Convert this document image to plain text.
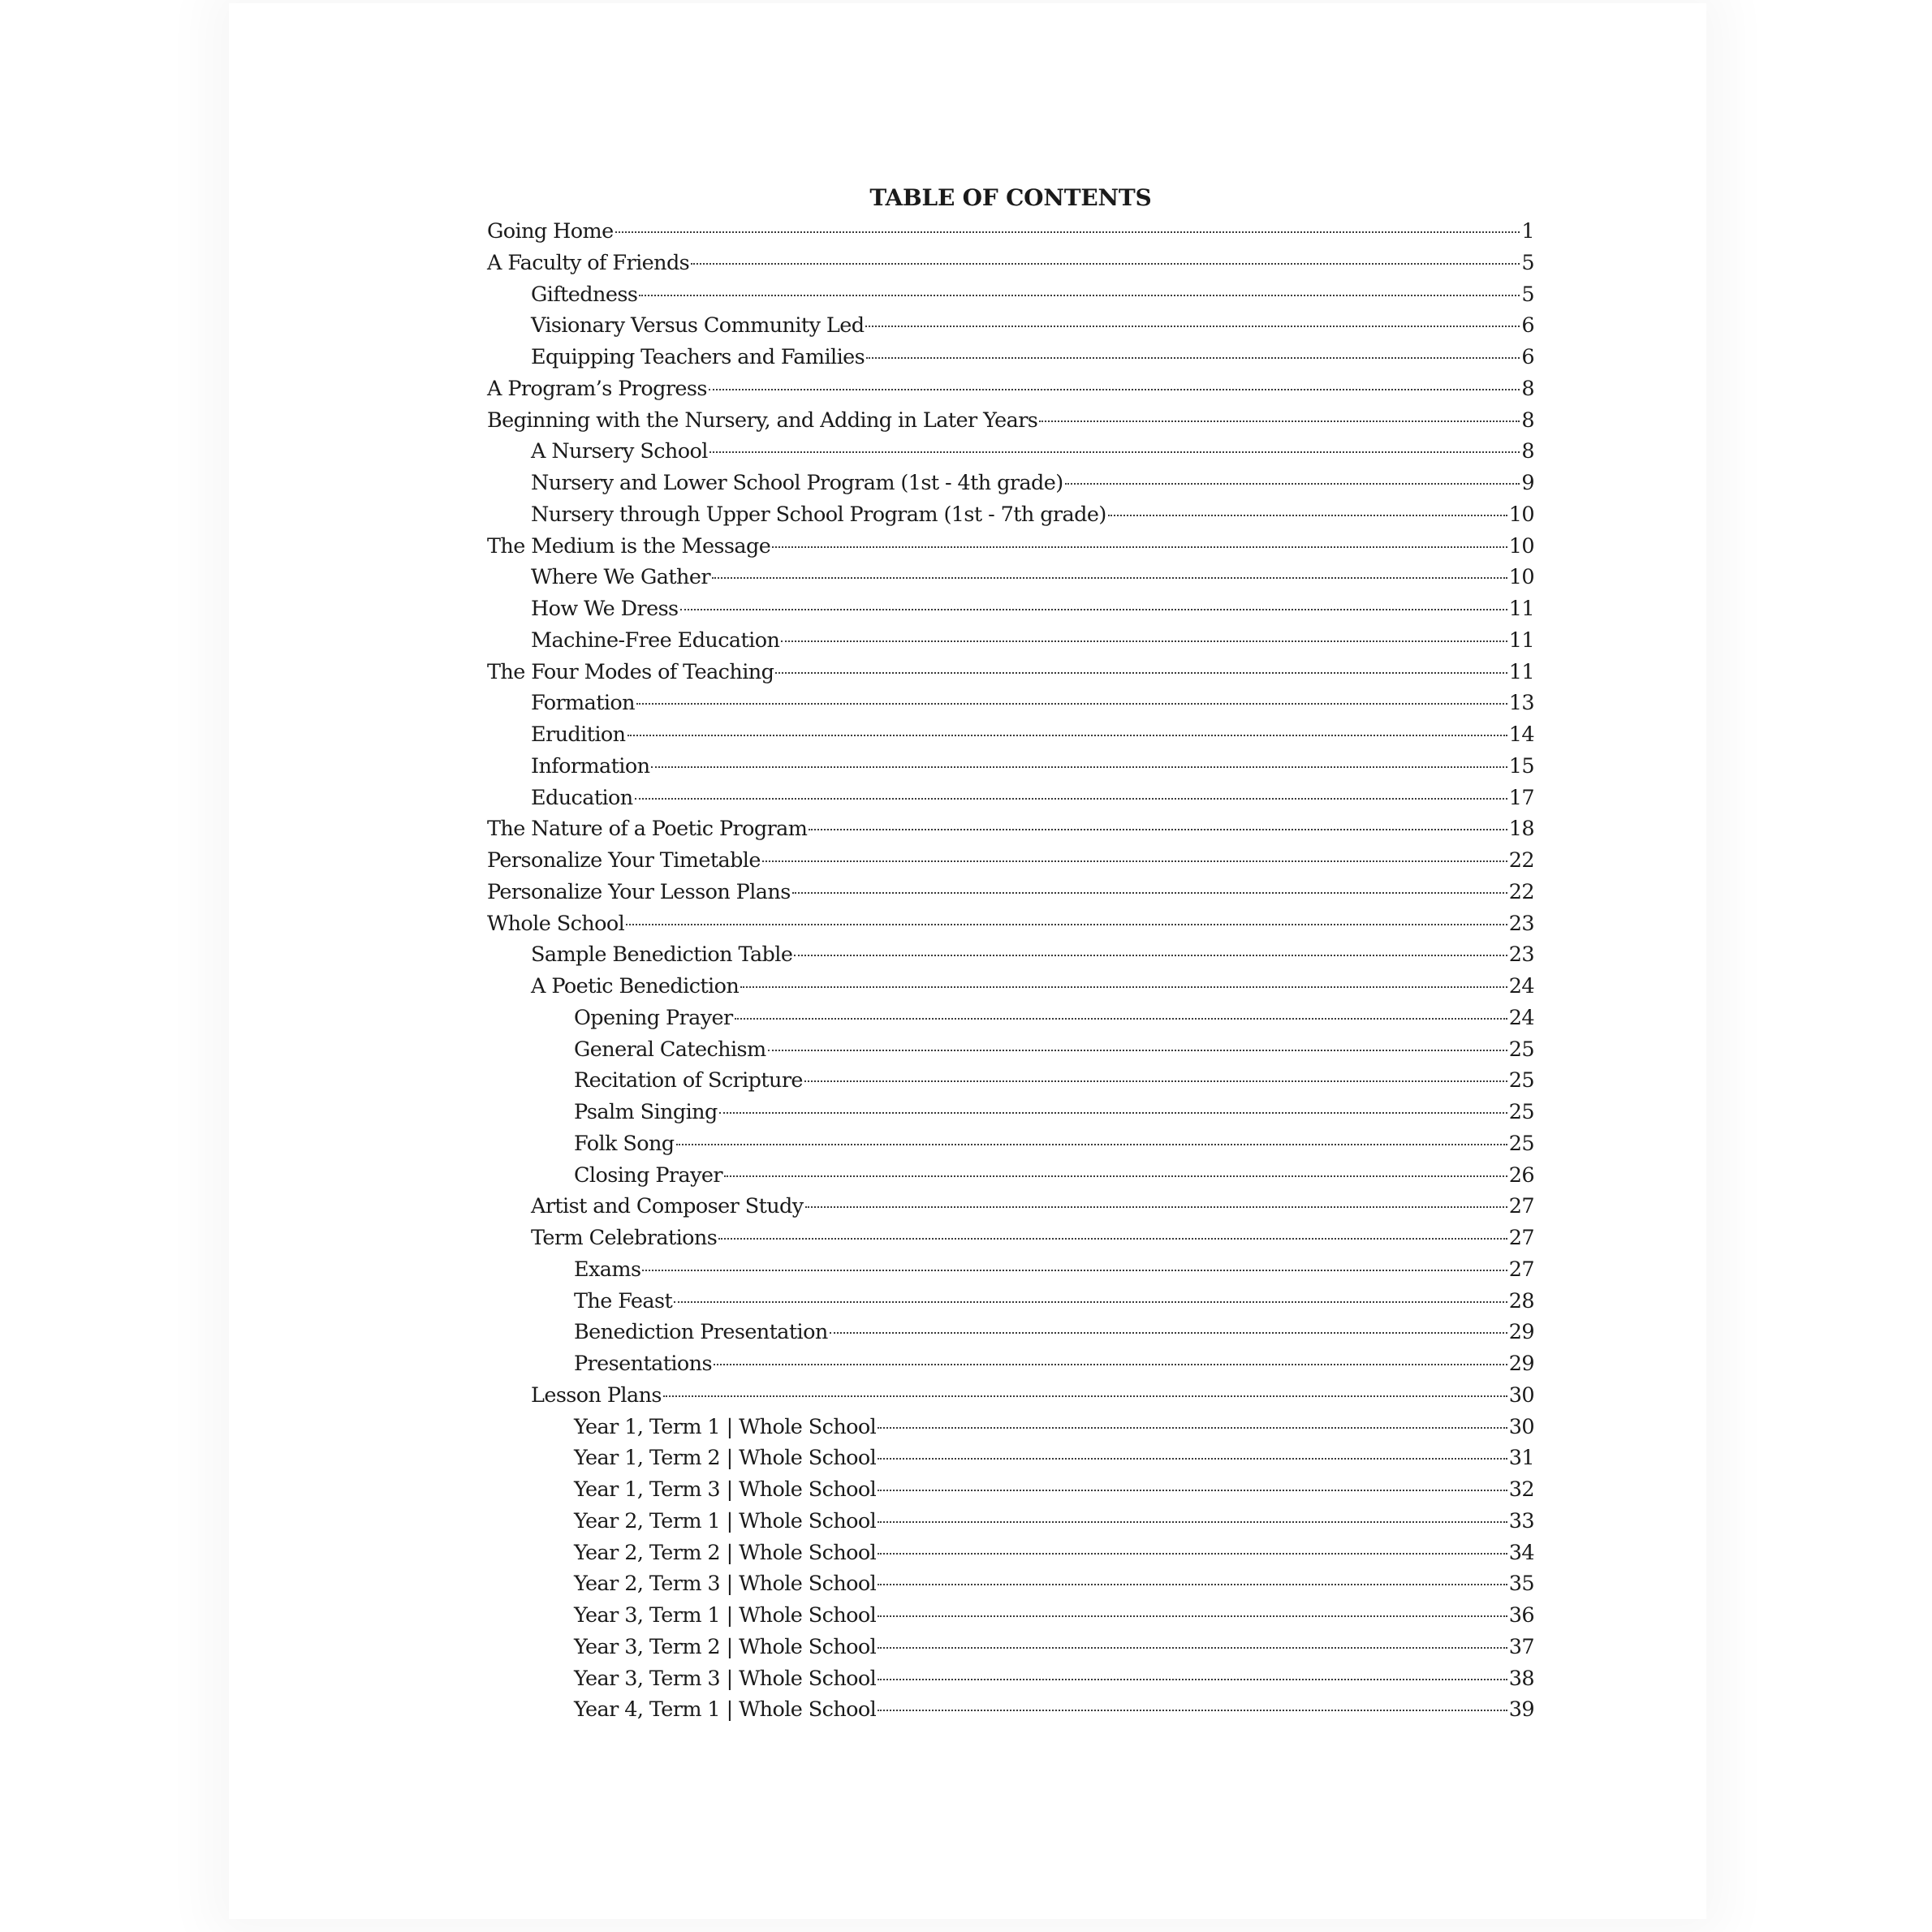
TABLE OF CONTENTS
Going Home	1
A Faculty of Friends	5
Giftedness	5
Visionary Versus Community Led	6
Equipping Teachers and Families	6
A Program’s Progress	8
Beginning with the Nursery, and Adding in Later Years	8
A Nursery School	8
Nursery and Lower School Program (1st - 4th grade)	9
Nursery through Upper School Program (1st - 7th grade)	10
The Medium is the Message	10
Where We Gather	10
How We Dress	11
Machine-Free Education	11
The Four Modes of Teaching	11
Formation	13
Erudition	14
Information	15
Education	17
The Nature of a Poetic Program	18
Personalize Your Timetable	22
Personalize Your Lesson Plans	22
Whole School	23
Sample Benediction Table	23
A Poetic Benediction	24
Opening Prayer	24
General Catechism	25
Recitation of Scripture	25
Psalm Singing	25
Folk Song	25
Closing Prayer	26
Artist and Composer Study	27
Term Celebrations	27
Exams	27
The Feast	28
Benediction Presentation	29
Presentations	29
Lesson Plans	30
Year 1, Term 1 | Whole School	30
Year 1, Term 2 | Whole School	31
Year 1, Term 3 | Whole School	32
Year 2, Term 1 | Whole School	33
Year 2, Term 2 | Whole School	34
Year 2, Term 3 | Whole School	35
Year 3, Term 1 | Whole School	36
Year 3, Term 2 | Whole School	37
Year 3, Term 3 | Whole School	38
Year 4, Term 1 | Whole School	39
